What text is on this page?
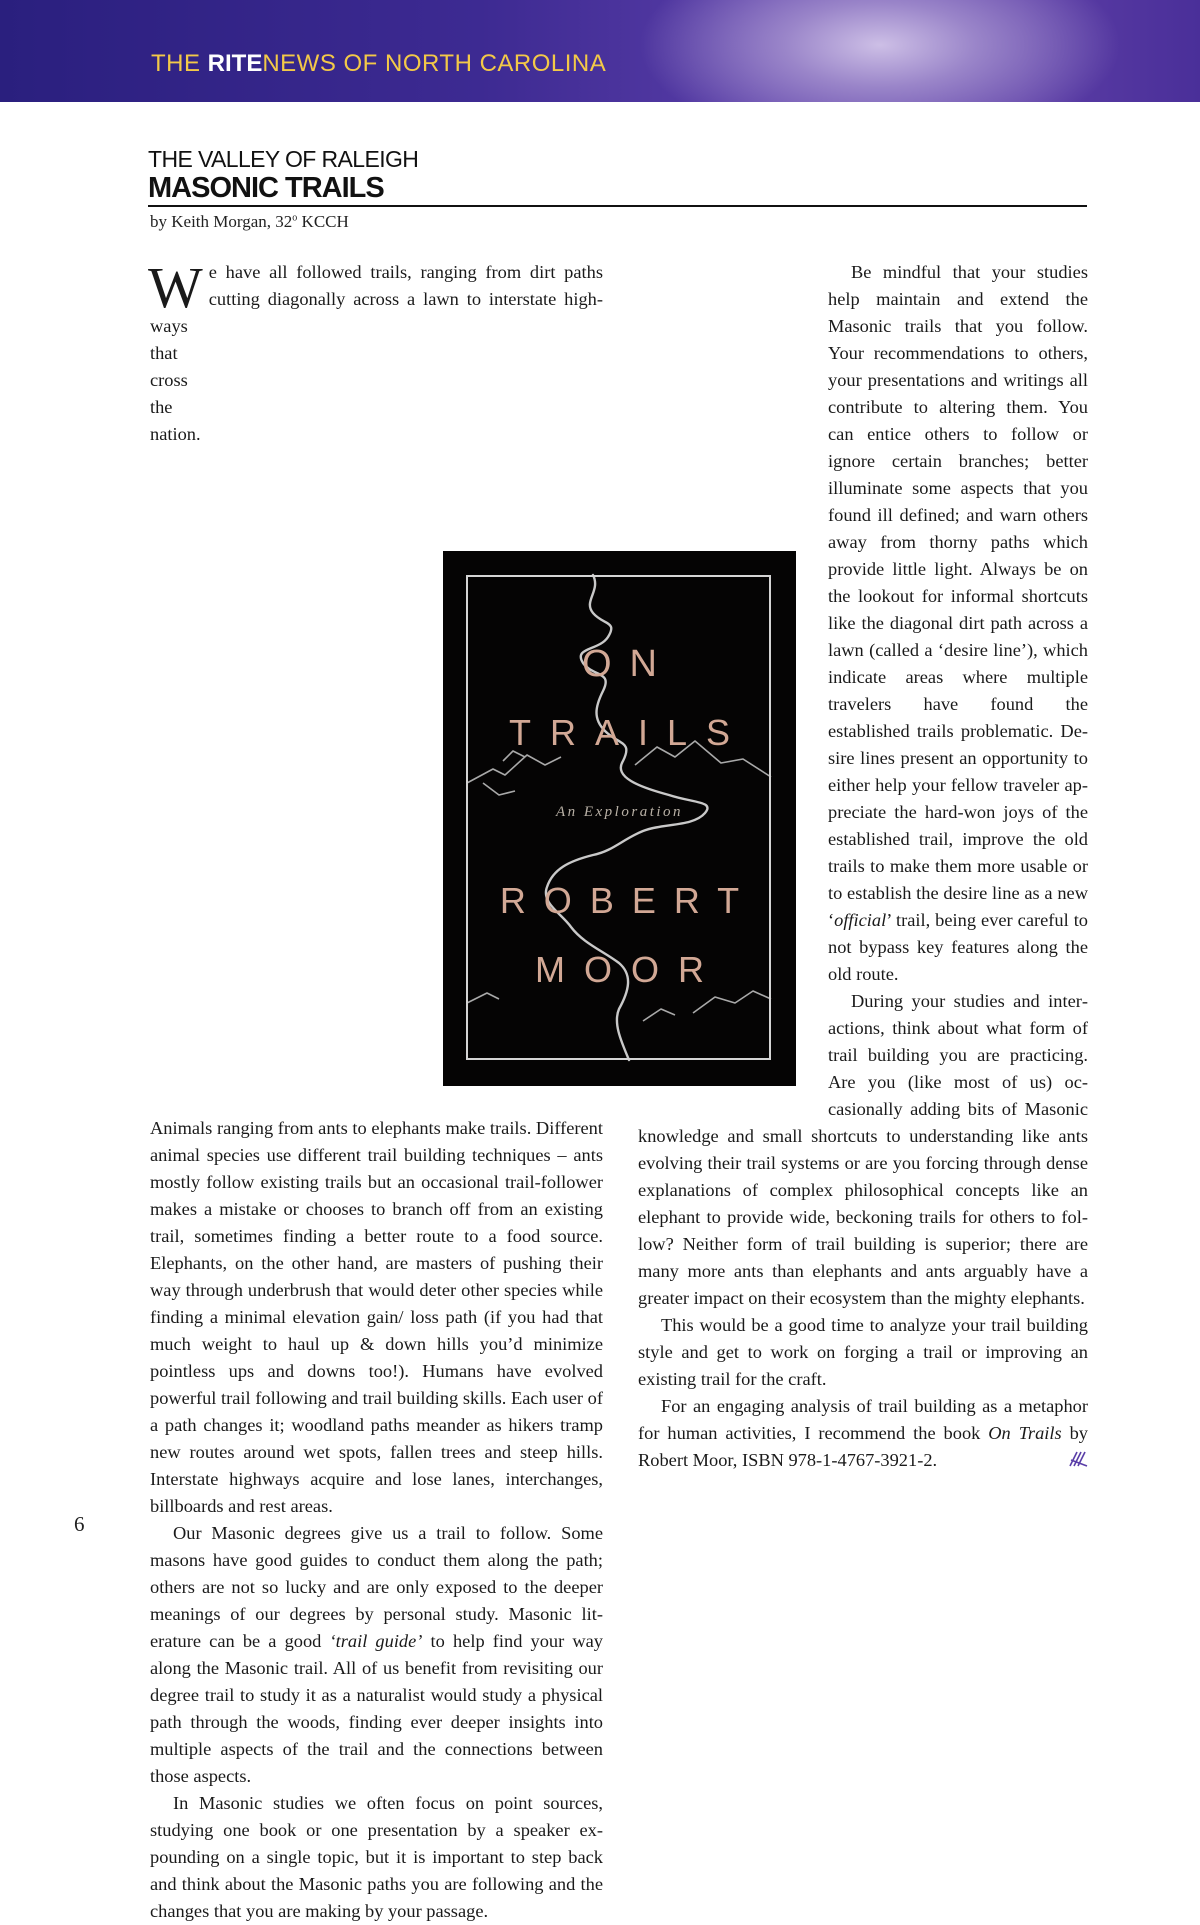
THE RITENEWS OF NORTH CAROLINA
THE VALLEY OF RALEIGH
MASONIC TRAILS
by Keith Morgan, 32$^o$ KCCH

We have all followed trails, ranging from dirt paths cutting diagonally across a lawn to interstate highways that cross the nation. Animals ranging from ants to elephants make trails. Different animal species use different trail building techniques – ants mostly follow existing trails but an occasional trail-follower makes a mistake or chooses to branch off from an existing trail, sometimes finding a better route to a food source. Elephants, on the other hand, are masters of pushing their way through underbrush that would deter other species while finding a minimal elevation gain/ loss path (if you had that much weight to haul up & down hills you’d minimize pointless ups and downs too!). Humans have evolved powerful trail following and trail building skills. Each user of a path changes it; woodland paths meander as hikers tramp new routes around wet spots, fallen trees and steep hills. Interstate highways acquire and lose lanes, interchanges, billboards and rest areas.

Our Masonic degrees give us a trail to follow. Some masons have good guides to conduct them along the path; others are not so lucky and are only exposed to the deeper meanings of our degrees by personal study. Masonic literature can be a good ‘trail guide’ to help find your way along the Masonic trail. All of us benefit from revisiting our degree trail to study it as a naturalist would study a physical path through the woods, finding ever deeper insights into multiple aspects of the trail and the connections between those aspects.

In Masonic studies we often focus on point sources, studying one book or one presentation by a speaker expounding on a single topic, but it is important to step back and think about the Masonic paths you are following and the changes that you are making by your passage.

Be mindful that your studies help maintain and extend the Masonic trails that you follow. Your recommendations to others, your presentations and writings all contribute to altering them. You can entice others to follow or ignore certain branches; better illuminate some aspects that you found ill defined; and warn others away from thorny paths which provide little light. Always be on the lookout for informal shortcuts like the diagonal dirt path across a lawn (called a ‘desire line’), which indicate areas where multiple travelers have found the established trails problematic. Desire lines present an opportunity to either help your fellow traveler appreciate the hard-won joys of the established trail, improve the old trails to make them more usable or to establish the desire line as a new ‘official’ trail, being ever careful to not bypass key features along the old route.

During your studies and interactions, think about what form of trail building you are practicing. Are you (like most of us) occasionally adding bits of Masonic knowledge and small shortcuts to understanding like ants evolving their trail systems or are you forcing through dense explanations of complex philosophical concepts like an elephant to provide wide, beckoning trails for others to follow? Neither form of trail building is superior; there are many more ants than elephants and ants arguably have a greater impact on their ecosystem than the mighty elephants.

This would be a good time to analyze your trail building style and get to work on forging a trail or improving an existing trail for the craft.

For an engaging analysis of trail building as a metaphor for human activities, I recommend the book On Trails by Robert Moor, ISBN 978-1-4767-3921-2.

ON
TRAILS
An Exploration
ROBERT
MOOR
6
